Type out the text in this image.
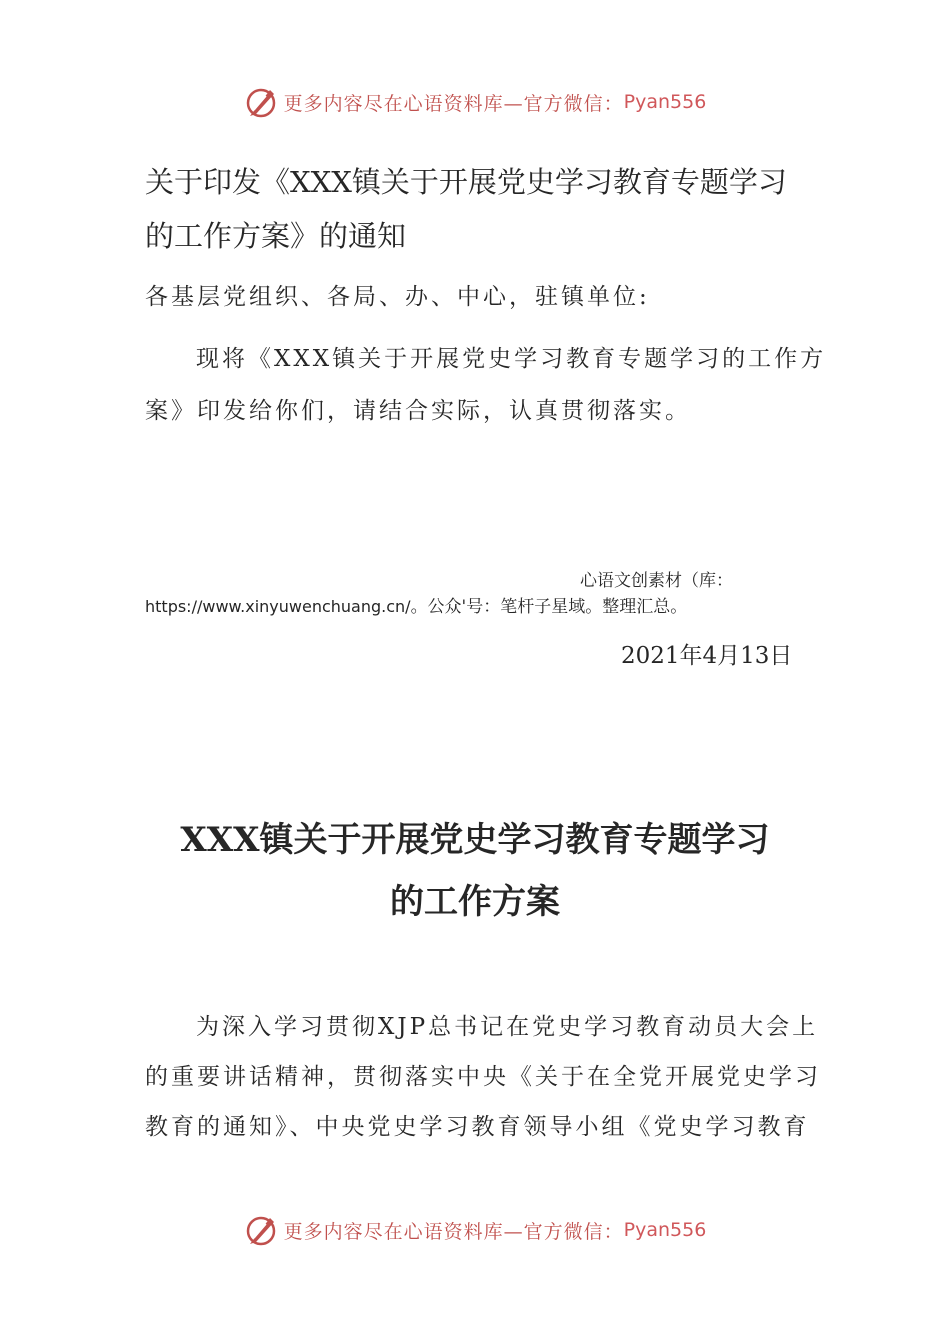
更多内容尽在心语资料库—官方微信： Pyan556
关于印发《XXX镇关于开展党史学习教育专题学习
的工作方案》的通知
各基层党组织、各局、办、中心，驻镇单位:
现将《XXX镇关于开展党史学习教育专题学习的工作方
案》印发给你们，请结合实际，认真贯彻落实。
心语文创素材（库：
https://www.xinyuwenchuang.cn/。公众'号：笔杆子星域。整理汇总。
2021年4月13日
XXX镇关于开展党史学习教育专题学习
的工作方案
为深入学习贯彻XJP总书记在党史学习教育动员大会上
的重要讲话精神，贯彻落实中央《关于在全党开展党史学习
教育的通知》、中央党史学习教育领导小组《党史学习教育
更多内容尽在心语资料库—官方微信： Pyan556
